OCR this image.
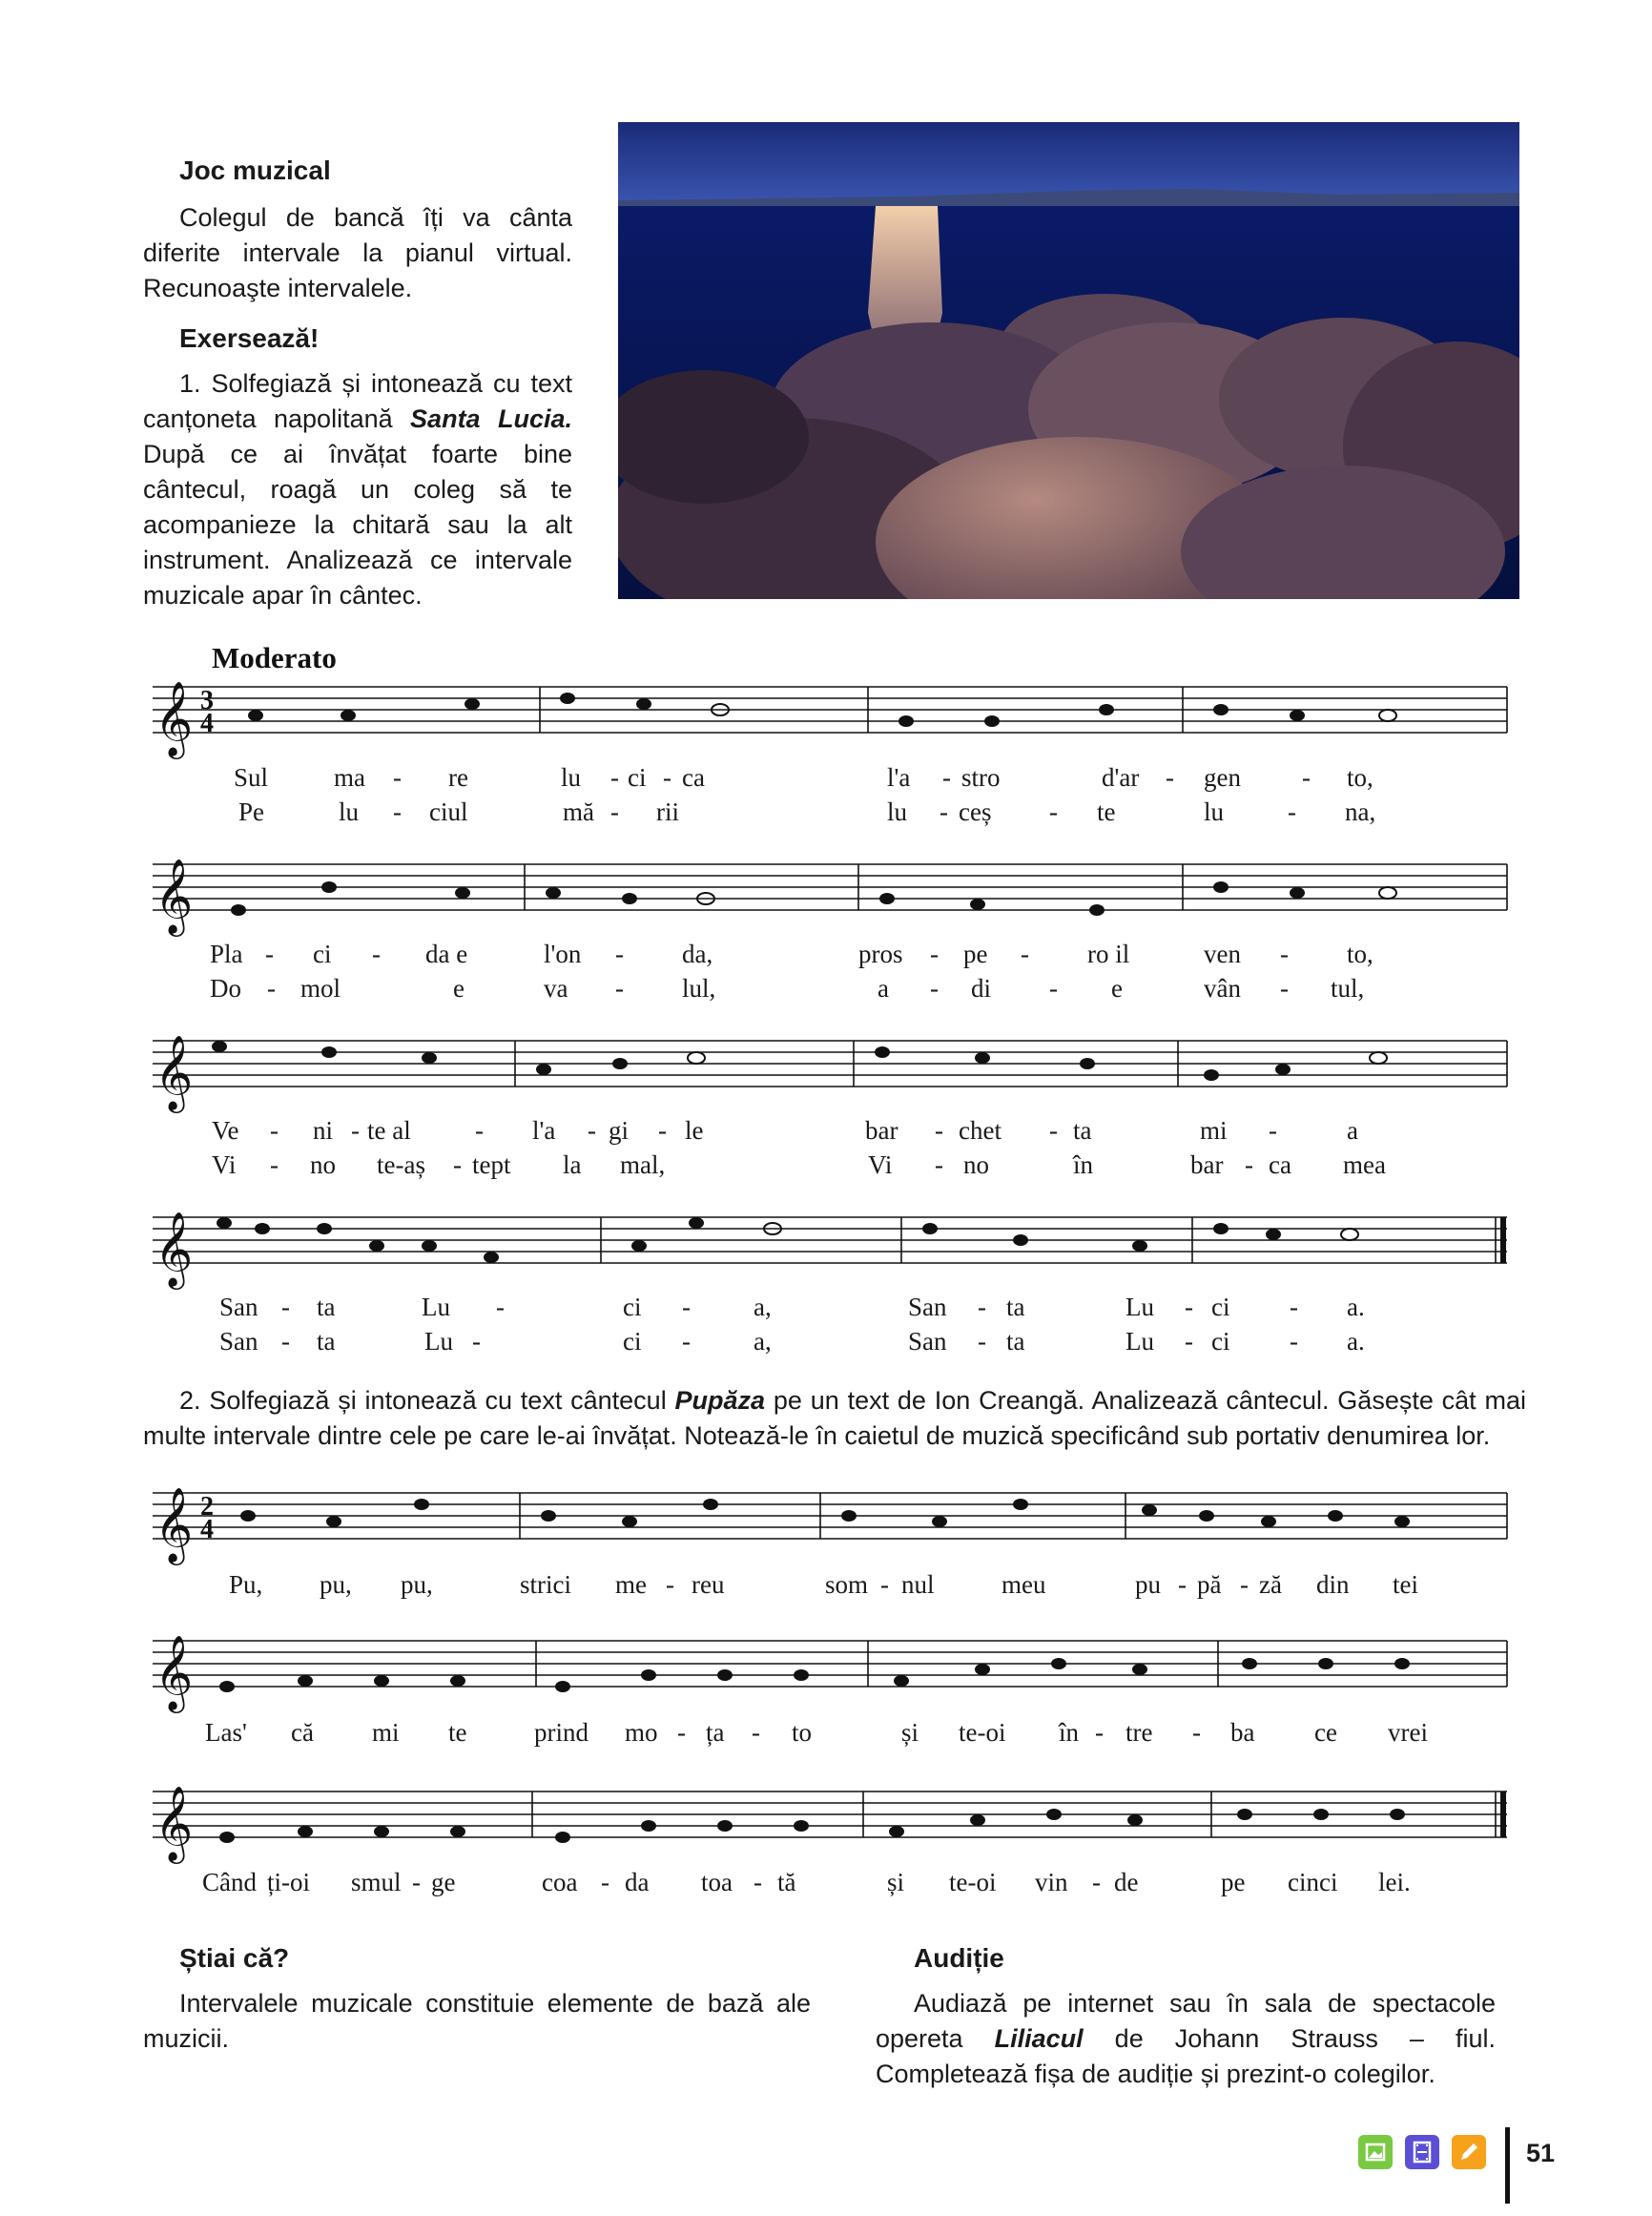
Joc muzical
Colegul de bancă îți va cânta diferite intervale la pianul virtual. Recunoaşte intervalele.
Exersează!
1. Solfegiază și intonează cu text canțoneta napolitană Santa Lucia. După ce ai învățat foarte bine cântecul, roagă un coleg să te acompanieze la chitară sau la alt instrument. Analizează ce intervale muzicale apar în cântec.
Moderato
𝄞 3
4
Sul	ma - re	lu - ci - ca	l'a - stro	d'ar - gen - to,
Pe	lu - ciul	mă - rii	lu - ceș - te	lu - na,
𝄞
Pla - ci - da e	l'on - da,	pros - pe - ro il	ven - to,
Do - mol	e	va - lul,	a - di - e	vân - tul,
𝄞
Ve - ni - te al - l'a - gi - le	bar - chet - ta	mi -	a
Vi - no te-aș - tept la mal,	Vi - no	în	bar - ca mea
𝄞
San - ta	Lu -	ci - a,	San - ta	Lu - ci - a.
San - ta	Lu -	ci - a,	San - ta	Lu - ci - a.
2. Solfegiază și intonează cu text cântecul Pupăza pe un text de Ion Creangă. Analizează cântecul. Găsește cât mai multe intervale dintre cele pe care le-ai învățat. Notează-le în caietul de muzică specificând sub portativ denumirea lor.
𝄞 2
4
Pu, pu, pu,	strici me - reu	som - nul	meu	pu - pă - ză din tei
𝄞
Las' că mi te	prind mo - ța - to	și te-oi în - tre - ba ce vrei
𝄞
Când ți-oi smul - ge	coa - da toa - tă	și te-oi vin - de	pe cinci lei.
Știai că?
Intervalele muzicale constituie elemente de bază ale muzicii.
Audiție
Audiază pe internet sau în sala de spectacole opereta Liliacul de Johann Strauss – fiul. Completează fișa de audiție și prezint-o colegilor.
51
